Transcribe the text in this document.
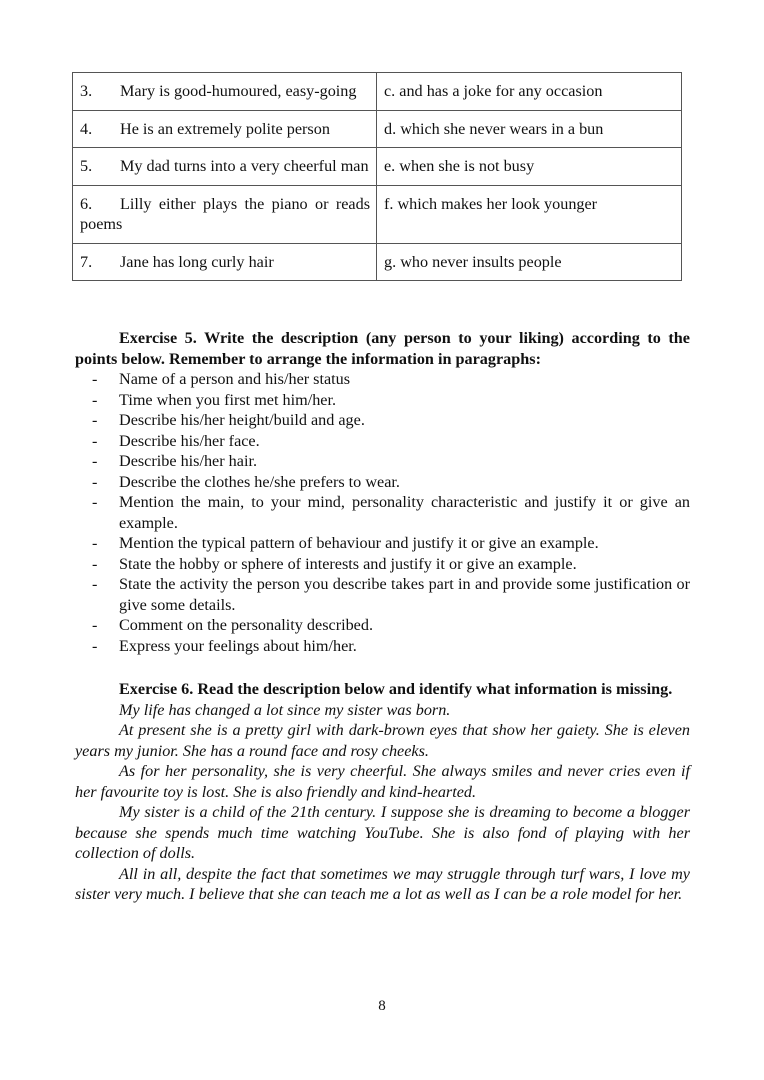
3. Mary is good-humoured, easy-going	c. and has a joke for any occasion
4. He is an extremely polite person	d. which she never wears in a bun
5. My dad turns into a very cheerful man	e. when she is not busy
6. Lilly either plays the piano or reads poems	f. which makes her look younger
7. Jane has long curly hair	g. who never insults people

Exercise 5. Write the description (any person to your liking) according to the points below. Remember to arrange the information in paragraphs:

- Name of a person and his/her status
- Time when you first met him/her.
- Describe his/her height/build and age.
- Describe his/her face.
- Describe his/her hair.
- Describe the clothes he/she prefers to wear.
- Mention the main, to your mind, personality characteristic and justify it or give an example.
- Mention the typical pattern of behaviour and justify it or give an example.
- State the hobby or sphere of interests and justify it or give an example.
- State the activity the person you describe takes part in and provide some justification or give some details.
- Comment on the personality described.
- Express your feelings about him/her.

Exercise 6. Read the description below and identify what information is missing.

My life has changed a lot since my sister was born.

At present she is a pretty girl with dark-brown eyes that show her gaiety. She is eleven years my junior. She has a round face and rosy cheeks.

As for her personality, she is very cheerful. She always smiles and never cries even if her favourite toy is lost. She is also friendly and kind-hearted.

My sister is a child of the 21th century. I suppose she is dreaming to become a blogger because she spends much time watching YouTube. She is also fond of playing with her collection of dolls.

All in all, despite the fact that sometimes we may struggle through turf wars, I love my sister very much. I believe that she can teach me a lot as well as I can be a role model for her.

8
